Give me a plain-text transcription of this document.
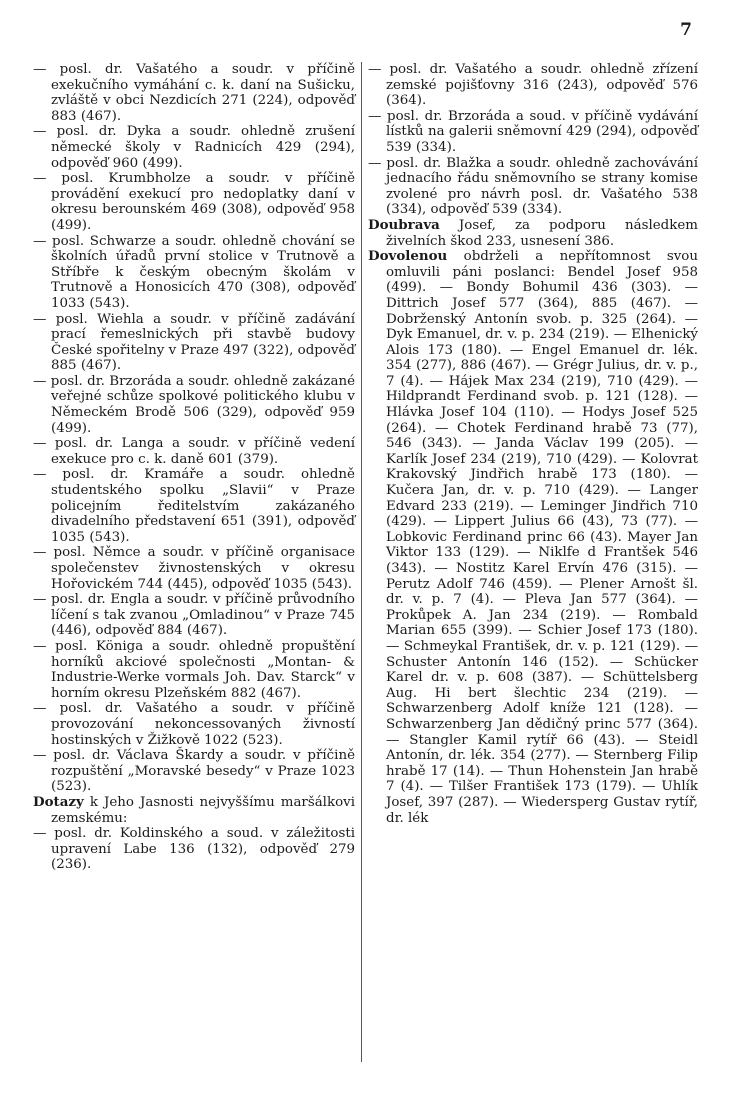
7

— posl. dr. Vašatého a soudr. v příčině exekučního vymáhání c. k. daní na Sušicku, zvláště v obci Nezdicích 271 (224), odpověď 883 (467).

— posl. dr. Dyka a soudr. ohledně zrušení německé školy v Radnicích 429 (294), odpověď 960 (499).

— posl. Krumbholze a soudr. v příčině provádění exekucí pro nedoplatky daní v okresu berounském 469 (308), odpověď 958 (499).

— posl. Schwarze a soudr. ohledně chování se školních úřadů první stolice v Trutnově a Stříbře k českým obecným školám v Trutnově a Honosicích 470 (308), odpověď 1033 (543).

— posl. Wiehla a soudr. v příčině zadávání prací řemeslnických při stavbě budovy České spořitelny v Praze 497 (322), odpověď 885 (467).

— posl. dr. Brzoráda a soudr. ohledně zakázané veřejné schůze spolkové politického klubu v Německém Brodě 506 (329), odpověď 959 (499).

— posl. dr. Langa a soudr. v příčině vedení exekuce pro c. k. daně 601 (379).

— posl. dr. Kramáře a soudr. ohledně studentského spolku „Slavii“ v Praze policejním ředitelstvím zakázaného divadelního představení 651 (391), odpověď 1035 (543).

— posl. Němce a soudr. v příčině organisace společenstev živnostenských v okresu Hořovickém 744 (445), odpověď 1035 (543).

— posl. dr. Engla a soudr. v příčině průvodního líčení s tak zvanou „Omladinou“ v Praze 745 (446), odpověď 884 (467).

— posl. Königa a soudr. ohledně propuštění horníků akciové společnosti „Montan- & Industrie-Werke vormals Joh. Dav. Starck“ v horním okresu Plzeňském 882 (467).

— posl. dr. Vašatého a soudr. v příčině provozování nekoncessovaných živností hostinských v Žižkově 1022 (523).

— posl. dr. Václava Škardy a soudr. v příčině rozpuštění „Moravské besedy“ v Praze 1023 (523).

Dotazy k Jeho Jasnosti nejvyššímu maršálkovi zemskému:

— posl. dr. Koldinského a soud. v záležitosti upravení Labe 136 (132), odpověď 279 (236).

— posl. dr. Vašatého a soudr. ohledně zřízení zemské pojišťovny 316 (243), odpověď 576 (364).

— posl. dr. Brzoráda a soud. v příčině vydávání lístků na galerii sněmovní 429 (294), odpověď 539 (334).

— posl. dr. Blažka a soudr. ohledně zachovávání jednacího řádu sněmovního se strany komise zvolené pro návrh posl. dr. Vašatého 538 (334), odpověď 539 (334).

Doubrava Josef, za podporu následkem živelních škod 233, usnesení 386.

Dovolenou obdrželi a nepřítomnost svou omluvili páni poslanci: Bendel Josef 958 (499). — Bondy Bohumil 436 (303). — Dittrich Josef 577 (364), 885 (467). — Dobrženský Antonín svob. p. 325 (264). — Dyk Emanuel, dr. v. p. 234 (219). — Elhenický Alois 173 (180). — Engel Emanuel dr. lék. 354 (277), 886 (467). — Grégr Julius, dr. v. p., 7 (4). — Hájek Max 234 (219), 710 (429). — Hildprandt Ferdinand svob. p. 121 (128). — Hlávka Josef 104 (110). — Hodys Josef 525 (264). — Chotek Ferdinand hrabě 73 (77), 546 (343). — Janda Václav 199 (205). — Karlík Josef 234 (219), 710 (429). — Kolovrat Krakovský Jindřich hrabě 173 (180). — Kučera Jan, dr. v. p. 710 (429). — Langer Edvard 233 (219). — Leminger Jindřich 710 (429). — Lippert Julius 66 (43), 73 (77). — Lobkovic Ferdinand princ 66 (43). Mayer Jan Viktor 133 (129). — Niklfe d Frantšek 546 (343). — Nostitz Karel Ervín 476 (315). — Perutz Adolf 746 (459). — Plener Arnošt šl. dr. v. p. 7 (4). — Pleva Jan 577 (364). — Prokůpek A. Jan 234 (219). — Rombald Marian 655 (399). — Schier Josef 173 (180). — Schmeykal František, dr. v. p. 121 (129). — Schuster Antonín 146 (152). — Schücker Karel dr. v. p. 608 (387). — Schüttelsberg Aug. Hi bert šlechtic 234 (219). — Schwarzenberg Adolf kníže 121 (128). — Schwarzenberg Jan dědičný princ 577 (364). — Stangler Kamil rytíř 66 (43). — Steidl Antonín, dr. lék. 354 (277). — Sternberg Filip hrabě 17 (14). — Thun Hohenstein Jan hrabě 7 (4). — Tilšer František 173 (179). — Uhlík Josef, 397 (287). — Wiedersperg Gustav rytíř, dr. lék
